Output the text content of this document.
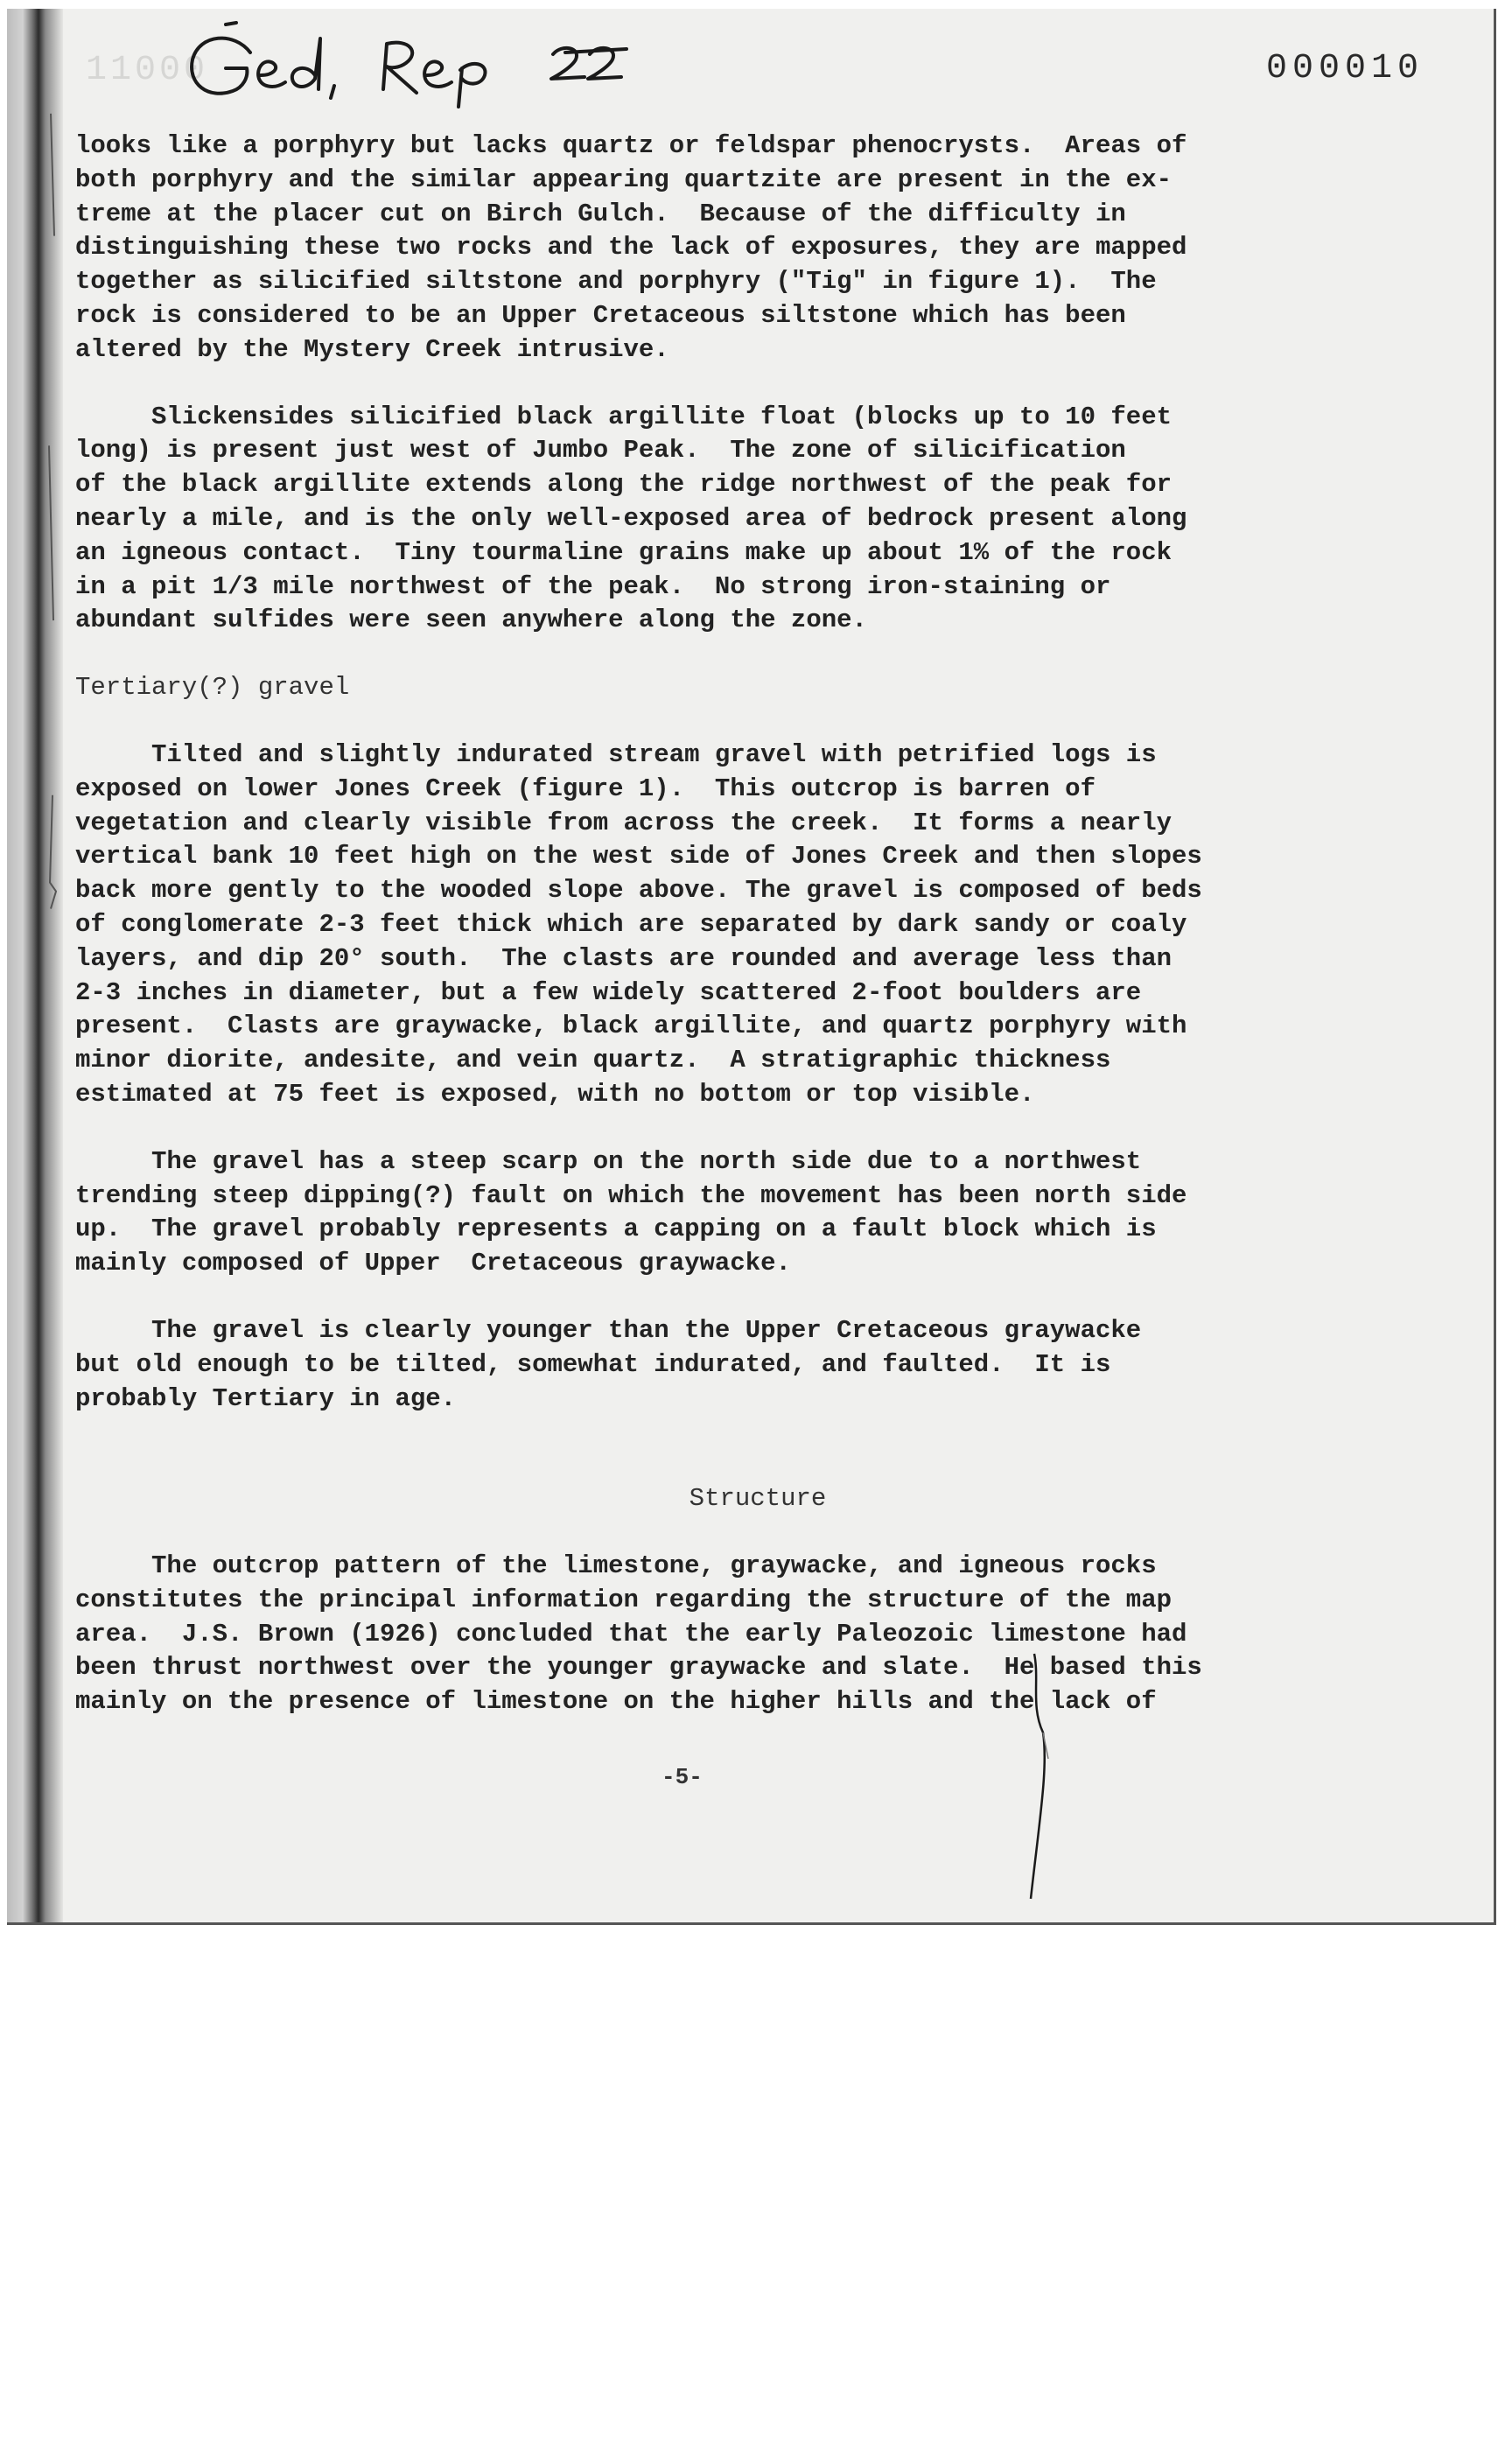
11000	000010
looks like a porphyry but lacks quartz or feldspar phenocrysts.  Areas of
both porphyry and the similar appearing quartzite are present in the ex-
treme at the placer cut on Birch Gulch.  Because of the difficulty in
distinguishing these two rocks and the lack of exposures, they are mapped
together as silicified siltstone and porphyry ("Tig" in figure 1).  The
rock is considered to be an Upper Cretaceous siltstone which has been
altered by the Mystery Creek intrusive.
Slickensides silicified black argillite float (blocks up to 10 feet
long) is present just west of Jumbo Peak.  The zone of silicification
of the black argillite extends along the ridge northwest of the peak for
nearly a mile, and is the only well-exposed area of bedrock present along
an igneous contact.  Tiny tourmaline grains make up about 1% of the rock
in a pit 1/3 mile northwest of the peak.  No strong iron-staining or
abundant sulfides were seen anywhere along the zone.
Tertiary(?) gravel
Tilted and slightly indurated stream gravel with petrified logs is
exposed on lower Jones Creek (figure 1).  This outcrop is barren of
vegetation and clearly visible from across the creek.  It forms a nearly
vertical bank 10 feet high on the west side of Jones Creek and then slopes
back more gently to the wooded slope above. The gravel is composed of beds
of conglomerate 2-3 feet thick which are separated by dark sandy or coaly
layers, and dip 20° south.  The clasts are rounded and average less than
2-3 inches in diameter, but a few widely scattered 2-foot boulders are
present.  Clasts are graywacke, black argillite, and quartz porphyry with
minor diorite, andesite, and vein quartz.  A stratigraphic thickness
estimated at 75 feet is exposed, with no bottom or top visible.
The gravel has a steep scarp on the north side due to a northwest
trending steep dipping(?) fault on which the movement has been north side
up.  The gravel probably represents a capping on a fault block which is
mainly composed of Upper  Cretaceous graywacke.
The gravel is clearly younger than the Upper Cretaceous graywacke
but old enough to be tilted, somewhat indurated, and faulted.  It is
probably Tertiary in age.
Structure
The outcrop pattern of the limestone, graywacke, and igneous rocks
constitutes the principal information regarding the structure of the map
area.  J.S. Brown (1926) concluded that the early Paleozoic limestone had
been thrust northwest over the younger graywacke and slate.  He based this
mainly on the presence of limestone on the higher hills and the lack of
-5-
